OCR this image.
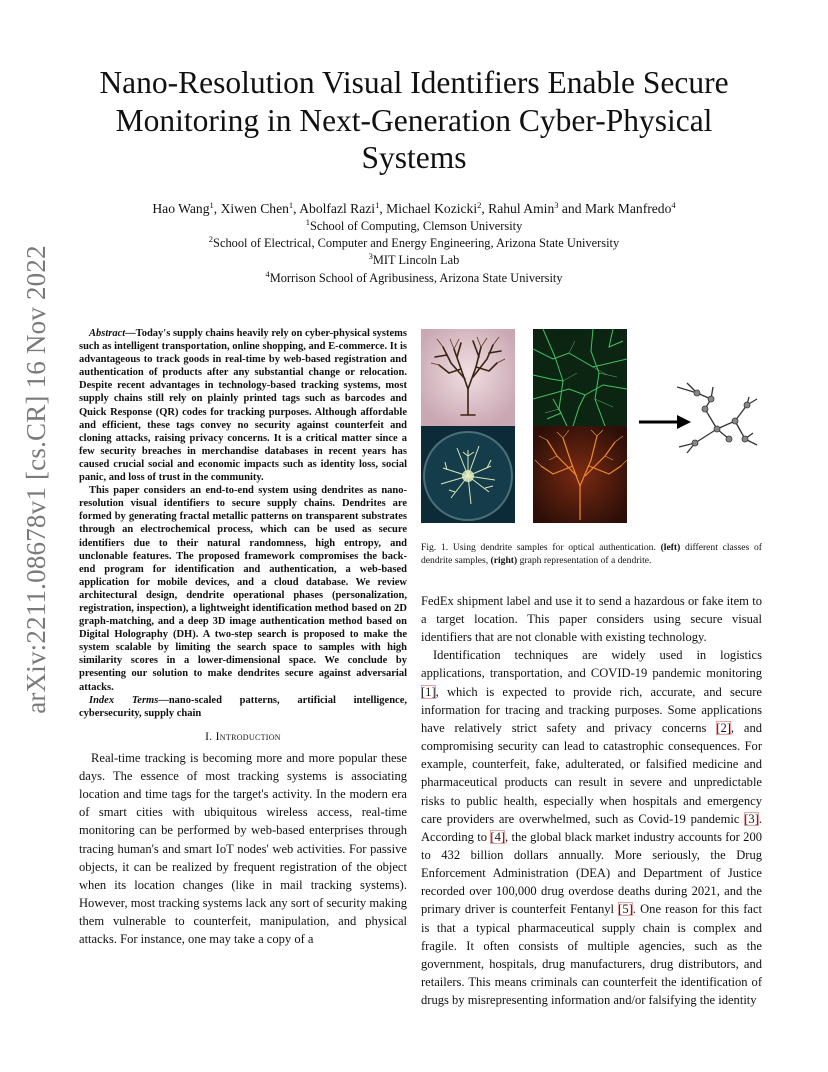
arXiv:2211.08678v1 [cs.CR] 16 Nov 2022
Nano-Resolution Visual Identifiers Enable Secure Monitoring in Next-Generation Cyber-Physical Systems
Hao Wang$^1$, Xiwen Chen$^1$, Abolfazl Razi$^1$, Michael Kozicki$^2$, Rahul Amin$^3$ and Mark Manfredo$^4$
$^1$School of Computing, Clemson University
$^2$School of Electrical, Computer and Energy Engineering, Arizona State University
$^3$MIT Lincoln Lab
$^4$Morrison School of Agribusiness, Arizona State University

Abstract—Today's supply chains heavily rely on cyber-physical systems such as intelligent transportation, online shopping, and E-commerce. It is advantageous to track goods in real-time by web-based registration and authentication of products after any substantial change or relocation. Despite recent advantages in technology-based tracking systems, most supply chains still rely on plainly printed tags such as barcodes and Quick Response (QR) codes for tracking purposes. Although affordable and efficient, these tags convey no security against counterfeit and cloning attacks, raising privacy concerns. It is a critical matter since a few security breaches in merchandise databases in recent years has caused crucial social and economic impacts such as identity loss, social panic, and loss of trust in the community.

This paper considers an end-to-end system using dendrites as nano-resolution visual identifiers to secure supply chains. Dendrites are formed by generating fractal metallic patterns on transparent substrates through an electrochemical process, which can be used as secure identifiers due to their natural randomness, high entropy, and unclonable features. The proposed framework compromises the back-end program for identification and authentication, a web-based application for mobile devices, and a cloud database. We review architectural design, dendrite operational phases (personalization, registration, inspection), a lightweight identification method based on 2D graph-matching, and a deep 3D image authentication method based on Digital Holography (DH). A two-step search is proposed to make the system scalable by limiting the search space to samples with high similarity scores in a lower-dimensional space. We conclude by presenting our solution to make dendrites secure against adversarial attacks.

Index Terms—nano-scaled patterns, artificial intelligence, cybersecurity, supply chain

I. Introduction

Real-time tracking is becoming more and more popular these days. The essence of most tracking systems is associating location and time tags for the target's activity. In the modern era of smart cities with ubiquitous wireless access, real-time monitoring can be performed by web-based enterprises through tracing human's and smart IoT nodes' web activities. For passive objects, it can be realized by frequent registration of the object when its location changes (like in mail tracking systems). However, most tracking systems lack any sort of security making them vulnerable to counterfeit, manipulation, and physical attacks. For instance, one may take a copy of a

Fig. 1. Using dendrite samples for optical authentication. (left) different classes of dendrite samples, (right) graph representation of a dendrite.

FedEx shipment label and use it to send a hazardous or fake item to a target location. This paper considers using secure visual identifiers that are not clonable with existing technology.

Identification techniques are widely used in logistics applications, transportation, and COVID-19 pandemic monitoring [1], which is expected to provide rich, accurate, and secure information for tracing and tracking purposes. Some applications have relatively strict safety and privacy concerns [2], and compromising security can lead to catastrophic consequences. For example, counterfeit, fake, adulterated, or falsified medicine and pharmaceutical products can result in severe and unpredictable risks to public health, especially when hospitals and emergency care providers are overwhelmed, such as Covid-19 pandemic [3]. According to [4], the global black market industry accounts for 200 to 432 billion dollars annually. More seriously, the Drug Enforcement Administration (DEA) and Department of Justice recorded over 100,000 drug overdose deaths during 2021, and the primary driver is counterfeit Fentanyl [5]. One reason for this fact is that a typical pharmaceutical supply chain is complex and fragile. It often consists of multiple agencies, such as the government, hospitals, drug manufacturers, drug distributors, and retailers. This means criminals can counterfeit the identification of drugs by misrepresenting information and/or falsifying the identity
